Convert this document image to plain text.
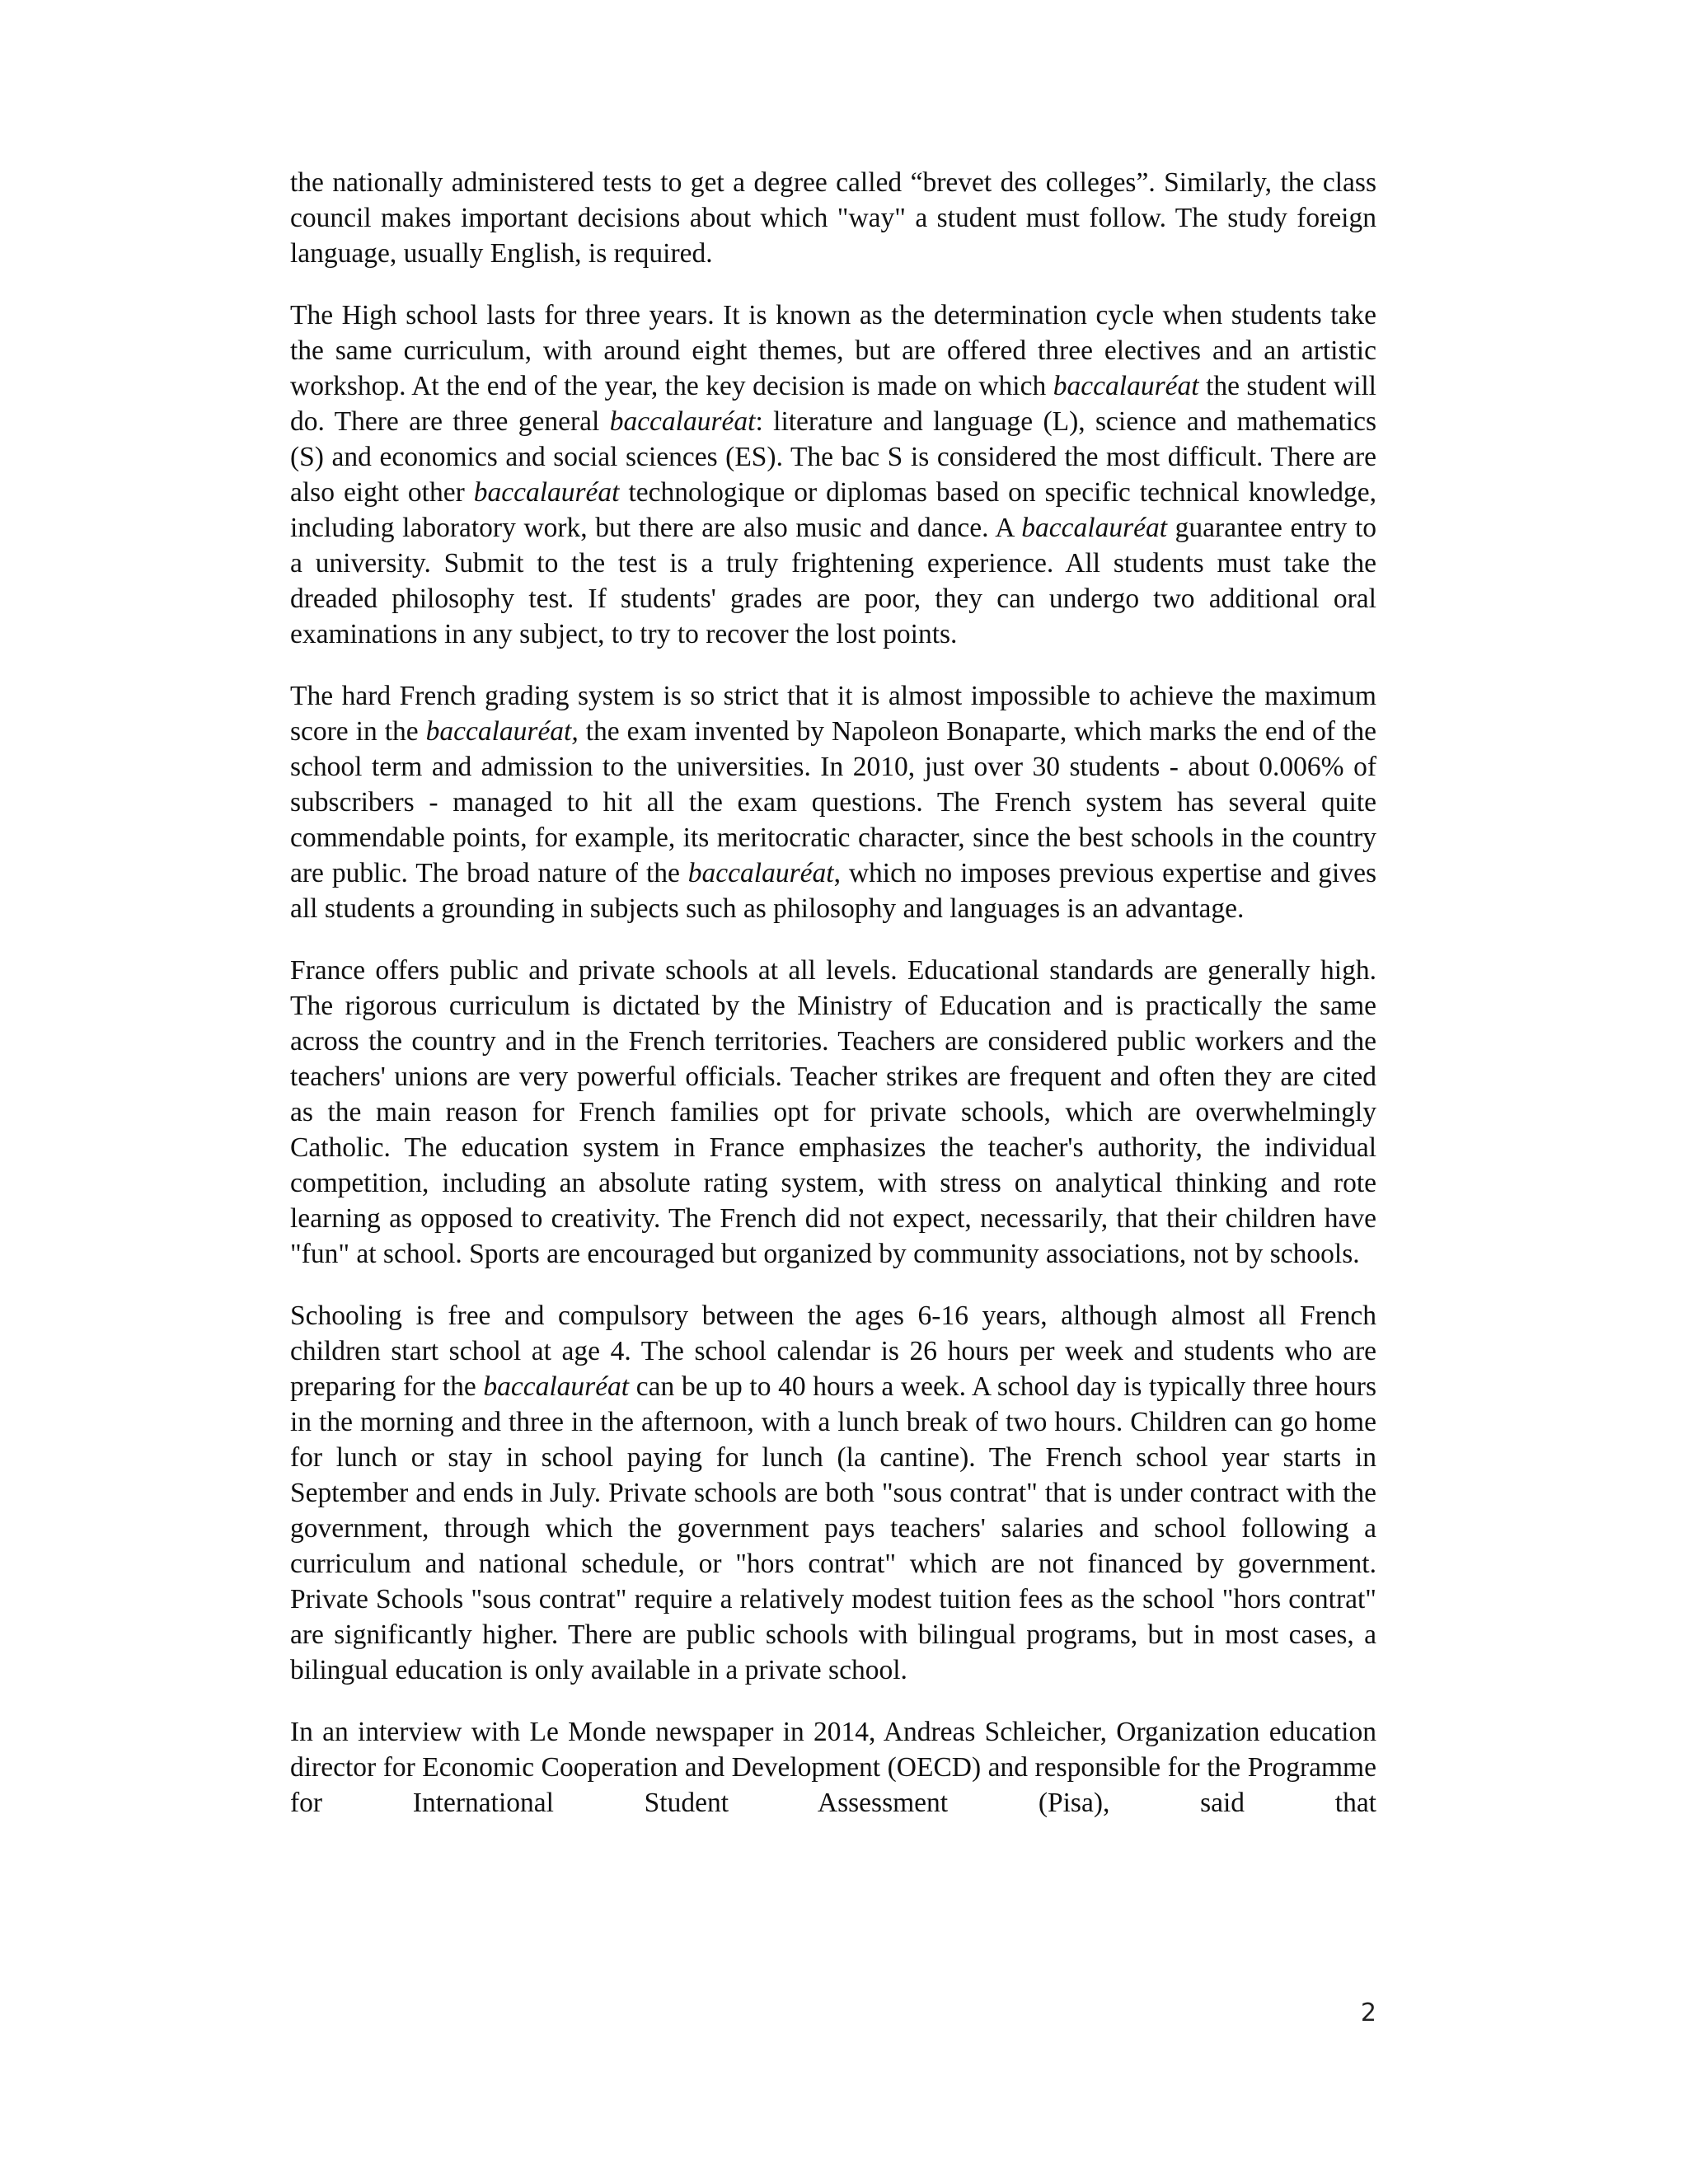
the nationally administered tests to get a degree called “brevet des colleges”. Similarly, the class council makes important decisions about which "way" a student must follow. The study foreign language, usually English, is required.

The High school lasts for three years. It is known as the determination cycle when students take the same curriculum, with around eight themes, but are offered three electives and an artistic workshop. At the end of the year, the key decision is made on which baccalauréat the student will do. There are three general baccalauréat: literature and language (L), science and mathematics (S) and economics and social sciences (ES). The bac S is considered the most difficult. There are also eight other baccalauréat technologique or diplomas based on specific technical knowledge, including laboratory work, but there are also music and dance. A baccalauréat guarantee entry to a university. Submit to the test is a truly frightening experience. All students must take the dreaded philosophy test. If students' grades are poor, they can undergo two additional oral examinations in any subject, to try to recover the lost points.

The hard French grading system is so strict that it is almost impossible to achieve the maximum score in the baccalauréat, the exam invented by Napoleon Bonaparte, which marks the end of the school term and admission to the universities. In 2010, just over 30 students - about 0.006% of subscribers - managed to hit all the exam questions. The French system has several quite commendable points, for example, its meritocratic character, since the best schools in the country are public. The broad nature of the baccalauréat, which no imposes previous expertise and gives all students a grounding in subjects such as philosophy and languages is an advantage.

France offers public and private schools at all levels. Educational standards are generally high. The rigorous curriculum is dictated by the Ministry of Education and is practically the same across the country and in the French territories. Teachers are considered public workers and the teachers' unions are very powerful officials. Teacher strikes are frequent and often they are cited as the main reason for French families opt for private schools, which are overwhelmingly Catholic. The education system in France emphasizes the teacher's authority, the individual competition, including an absolute rating system, with stress on analytical thinking and rote learning as opposed to creativity. The French did not expect, necessarily, that their children have "fun" at school. Sports are encouraged but organized by community associations, not by schools.

Schooling is free and compulsory between the ages 6-16 years, although almost all French children start school at age 4. The school calendar is 26 hours per week and students who are preparing for the baccalauréat can be up to 40 hours a week. A school day is typically three hours in the morning and three in the afternoon, with a lunch break of two hours. Children can go home for lunch or stay in school paying for lunch (la cantine). The French school year starts in September and ends in July. Private schools are both "sous contrat" that is under contract with the government, through which the government pays teachers' salaries and school following a curriculum and national schedule, or "hors contrat" which are not financed by government. Private Schools "sous contrat" require a relatively modest tuition fees as the school "hors contrat" are significantly higher. There are public schools with bilingual programs, but in most cases, a bilingual education is only available in a private school.

In an interview with Le Monde newspaper in 2014, Andreas Schleicher, Organization education director for Economic Cooperation and Development (OECD) and responsible for the Programme for International Student Assessment (Pisa), said that

2
